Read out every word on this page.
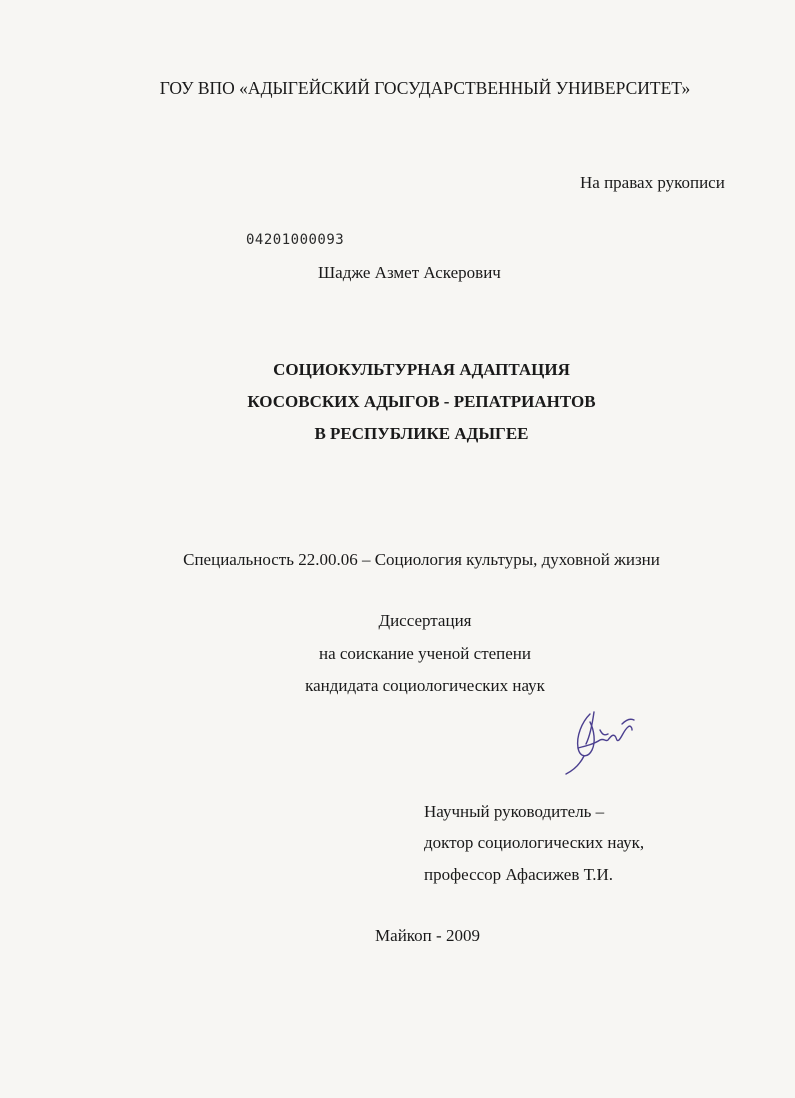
ГОУ ВПО «АДЫГЕЙСКИЙ ГОСУДАРСТВЕННЫЙ УНИВЕРСИТЕТ»
На правах рукописи
04201000093
Шадже Азмет Аскерович
СОЦИОКУЛЬТУРНАЯ АДАПТАЦИЯ
КОСОВСКИХ АДЫГОВ - РЕПАТРИАНТОВ
В РЕСПУБЛИКЕ АДЫГЕЕ
Специальность 22.00.06 – Социология культуры, духовной жизни
Диссертация
на соискание ученой степени
кандидата социологических наук
Научный руководитель –
доктор социологических наук,
профессор Афасижев Т.И.
Майкоп - 2009
